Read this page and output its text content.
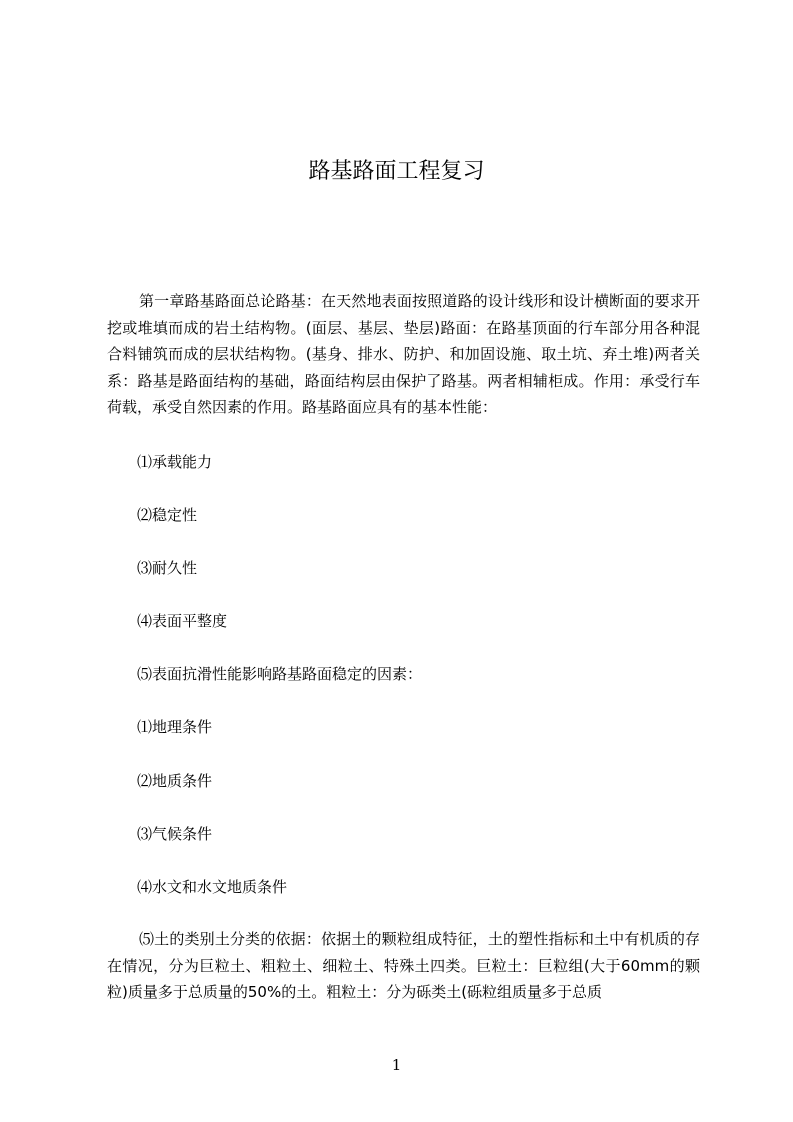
路基路面工程复习

第一章路基路面总论路基：在天然地表面按照道路的设计线形和设计横断面的要求开挖或堆填而成的岩土结构物。(面层、基层、垫层)路面：在路基顶面的行车部分用各种混合料铺筑而成的层状结构物。(基身、排水、防护、和加固设施、取土坑、弃土堆)两者关系：路基是路面结构的基础，路面结构层由保护了路基。两者相辅柜成。作用：承受行车荷载，承受自然因素的作用。路基路面应具有的基本性能：

⑴承载能力

⑵稳定性

⑶耐久性

⑷表面平整度

⑸表面抗滑性能影响路基路面稳定的因素：

⑴地理条件

⑵地质条件

⑶气候条件

⑷水文和水文地质条件

⑸土的类别土分类的依据：依据土的颗粒组成特征，土的塑性指标和土中有机质的存在情况，分为巨粒土、粗粒土、细粒土、特殊土四类。巨粒土：巨粒组(大于60mm的颗粒)质量多于总质量的50%的土。粗粒土：分为砾类土(砾粒组质量多于总质

1
